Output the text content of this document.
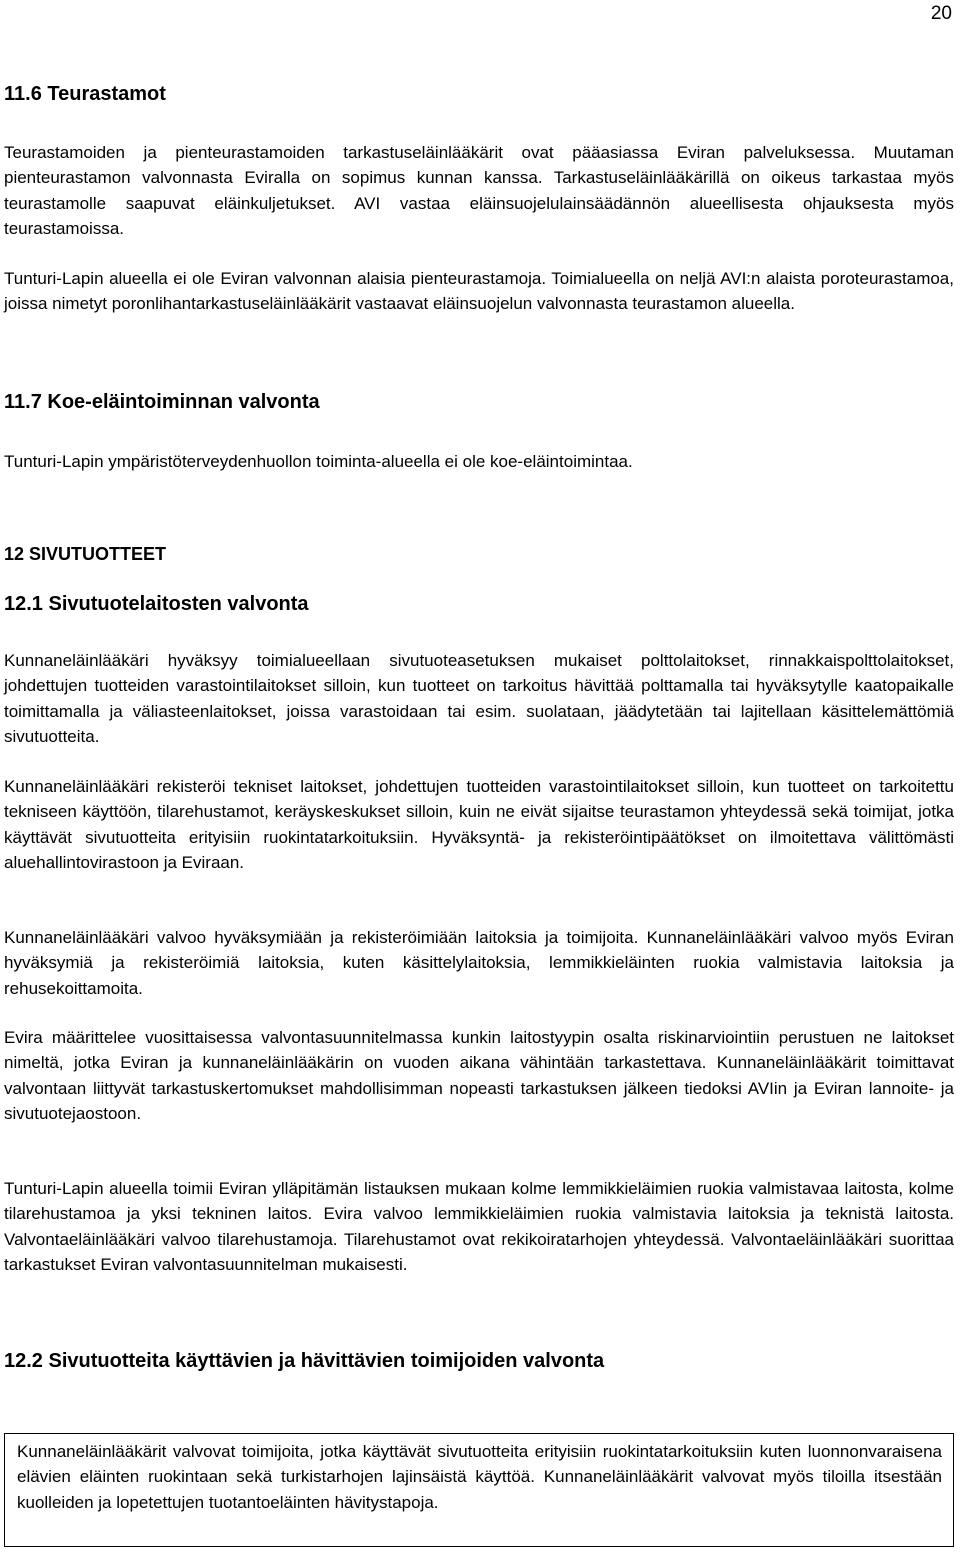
20

11.6 Teurastamot

Teurastamoiden ja pienteurastamoiden tarkastuseläinlääkärit ovat pääasiassa Eviran palveluksessa. Muutaman pienteurastamon valvonnasta Eviralla on sopimus kunnan kanssa. Tarkastuseläinlääkärillä on oikeus tarkastaa myös teurastamolle saapuvat eläinkuljetukset. AVI vastaa eläinsuojelulainsäädännön alueellisesta ohjauksesta myös teurastamoissa.

Tunturi-Lapin alueella ei ole Eviran valvonnan alaisia pienteurastamoja. Toimialueella on neljä AVI:n alaista poroteurastamoa, joissa nimetyt poronlihantarkastuseläinlääkärit vastaavat eläinsuojelun valvonnasta teurastamon alueella.

11.7 Koe-eläintoiminnan valvonta

Tunturi-Lapin ympäristöterveydenhuollon toiminta-alueella ei ole koe-eläintoimintaa.

12 SIVUTUOTTEET

12.1 Sivutuotelaitosten valvonta

Kunnaneläinlääkäri hyväksyy toimialueellaan sivutuoteasetuksen mukaiset polttolaitokset, rinnakkaispolttolaitokset, johdettujen tuotteiden varastointilaitokset silloin, kun tuotteet on tarkoitus hävittää polttamalla tai hyväksytylle kaatopaikalle toimittamalla ja väliasteenlaitokset, joissa varastoidaan tai esim. suolataan, jäädytetään tai lajitellaan käsittelemättömiä sivutuotteita.

Kunnaneläinlääkäri rekisteröi tekniset laitokset, johdettujen tuotteiden varastointilaitokset silloin, kun tuotteet on tarkoitettu tekniseen käyttöön, tilarehustamot, keräyskeskukset silloin, kuin ne eivät sijaitse teurastamon yhteydessä sekä toimijat, jotka käyttävät sivutuotteita erityisiin ruokintatarkoituksiin. Hyväksyntä- ja rekisteröintipäätökset on ilmoitettava välittömästi aluehallintovirastoon ja Eviraan.

Kunnaneläinlääkäri valvoo hyväksymiään ja rekisteröimiään laitoksia ja toimijoita. Kunnaneläinlääkäri valvoo myös Eviran hyväksymiä ja rekisteröimiä laitoksia, kuten käsittelylaitoksia, lemmikkieläinten ruokia valmistavia laitoksia ja rehusekoittamoita.

Evira määrittelee vuosittaisessa valvontasuunnitelmassa kunkin laitostyypin osalta riskinarviointiin perustuen ne laitokset nimeltä, jotka Eviran ja kunnaneläinlääkärin on vuoden aikana vähintään tarkastettava. Kunnaneläinlääkärit toimittavat valvontaan liittyvät tarkastuskertomukset mahdollisimman nopeasti tarkastuksen jälkeen tiedoksi AVIin ja Eviran lannoite- ja sivutuotejaostoon.

Tunturi-Lapin alueella toimii Eviran ylläpitämän listauksen mukaan kolme lemmikkieläimien ruokia valmistavaa laitosta, kolme tilarehustamoa ja yksi tekninen laitos. Evira valvoo lemmikkieläimien ruokia valmistavia laitoksia ja teknistä laitosta. Valvontaeläinlääkäri valvoo tilarehustamoja. Tilarehustamot ovat rekikoiratarhojen yhteydessä. Valvontaeläinlääkäri suorittaa tarkastukset Eviran valvontasuunnitelman mukaisesti.

12.2 Sivutuotteita käyttävien ja hävittävien toimijoiden valvonta

Kunnaneläinlääkärit valvovat toimijoita, jotka käyttävät sivutuotteita erityisiin ruokintatarkoituksiin kuten luonnonvaraisena elävien eläinten ruokintaan sekä turkistarhojen lajinsäistä käyttöä. Kunnaneläinlääkärit valvovat myös tiloilla itsestään kuolleiden ja lopetettujen tuotantoeläinten hävitystapoja.
